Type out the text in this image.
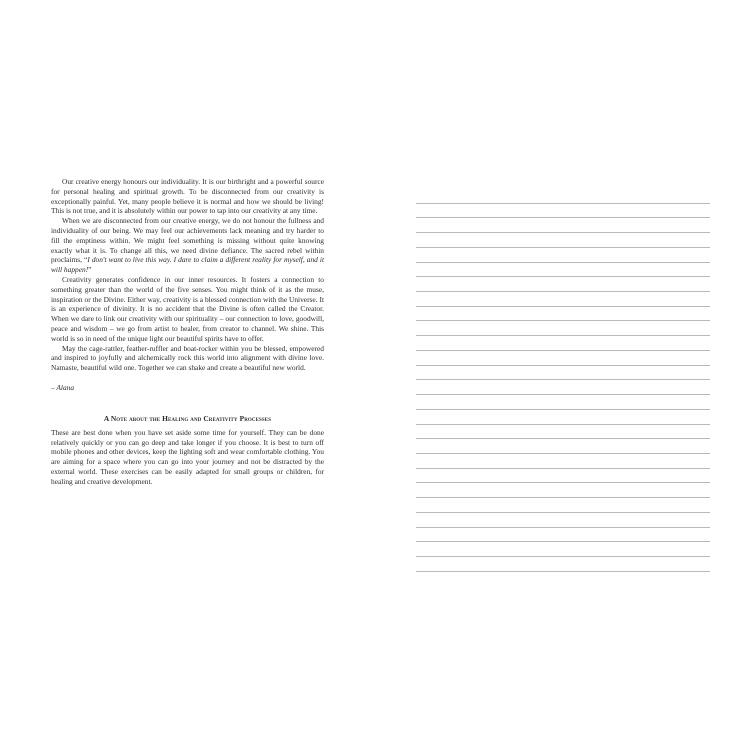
Our creative energy honours our individuality. It is our birthright and a powerful source for personal healing and spiritual growth. To be disconnected from our creativity is exceptionally painful. Yet, many people believe it is normal and how we should be living! This is not true, and it is absolutely within our power to tap into our creativity at any time.

When we are disconnected from our creative energy, we do not honour the fullness and individuality of our being. We may feel our achievements lack meaning and try harder to fill the emptiness within. We might feel something is missing without quite knowing exactly what it is. To change all this, we need divine defiance. The sacred rebel within proclaims, “I don't want to live this way. I dare to claim a different reality for myself, and it will happen!”

Creativity generates confidence in our inner resources. It fosters a connection to something greater than the world of the five senses. You might think of it as the muse, inspiration or the Divine. Either way, creativity is a blessed connection with the Universe. It is an experience of divinity. It is no accident that the Divine is often called the Creator. When we dare to link our creativity with our spirituality – our connection to love, goodwill, peace and wisdom – we go from artist to healer, from creator to channel. We shine. This world is so in need of the unique light our beautiful spirits have to offer.

May the cage-rattler, feather-ruffler and boat-rocker within you be blessed, empowered and inspired to joyfully and alchemically rock this world into alignment with divine love. Namaste, beautiful wild one. Together we can shake and create a beautiful new world.

– Alana
A Note about the Healing and Creativity Processes

These are best done when you have set aside some time for yourself. They can be done relatively quickly or you can go deep and take longer if you choose. It is best to turn off mobile phones and other devices, keep the lighting soft and wear comfortable clothing. You are aiming for a space where you can go into your journey and not be distracted by the external world. These exercises can be easily adapted for small groups or children, for healing and creative development.
